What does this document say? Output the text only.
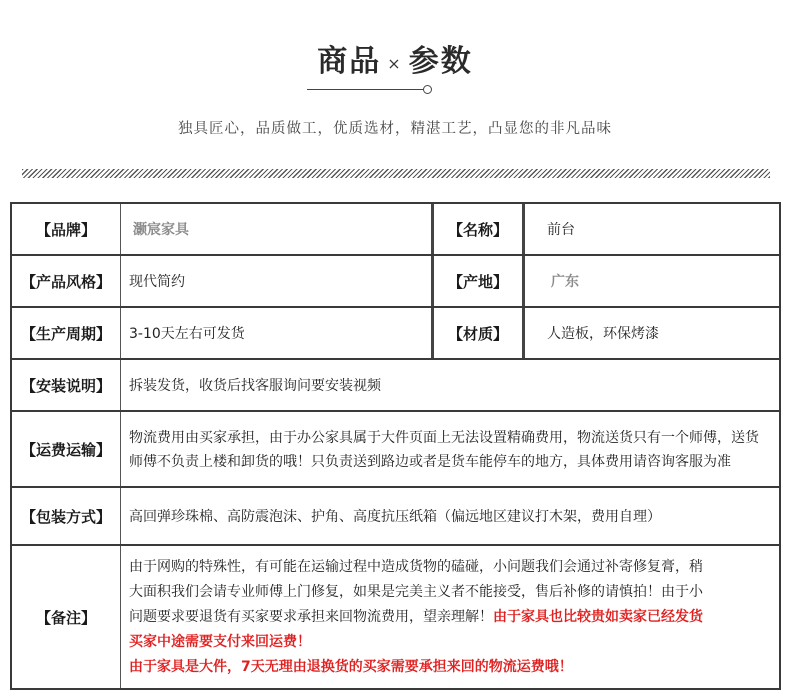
商品 × 参数
独具匠心，品质做工，优质选材，精湛工艺，凸显您的非凡品味
【品牌】	灏宸家具	【名称】	前台
【产品风格】	现代简约	【产地】	广东
【生产周期】	3-10天左右可发货	【材质】	人造板，环保烤漆
【安装说明】	拆装发货，收货后找客服询问要安装视频
【运费运输】
物流费用由买家承担，由于办公家具属于大件页面上无法设置精确费用，物流送货只有一个师傅，送货
师傅不负责上楼和卸货的哦！只负责送到路边或者是货车能停车的地方，具体费用请咨询客服为准
【包装方式】	高回弹珍珠棉、高防震泡沫、护角、高度抗压纸箱（偏远地区建议打木架，费用自理）
【备注】
由于网购的特殊性，有可能在运输过程中造成货物的磕碰，小问题我们会通过补寄修复膏，稍
大面积我们会请专业师傅上门修复，如果是完美主义者不能接受，售后补修的请慎拍！由于小
问题要求要退货有买家要求承担来回物流费用，望亲理解！由于家具也比较贵如卖家已经发货
买家中途需要支付来回运费！
由于家具是大件，7天无理由退换货的买家需要承担来回的物流运费哦！
